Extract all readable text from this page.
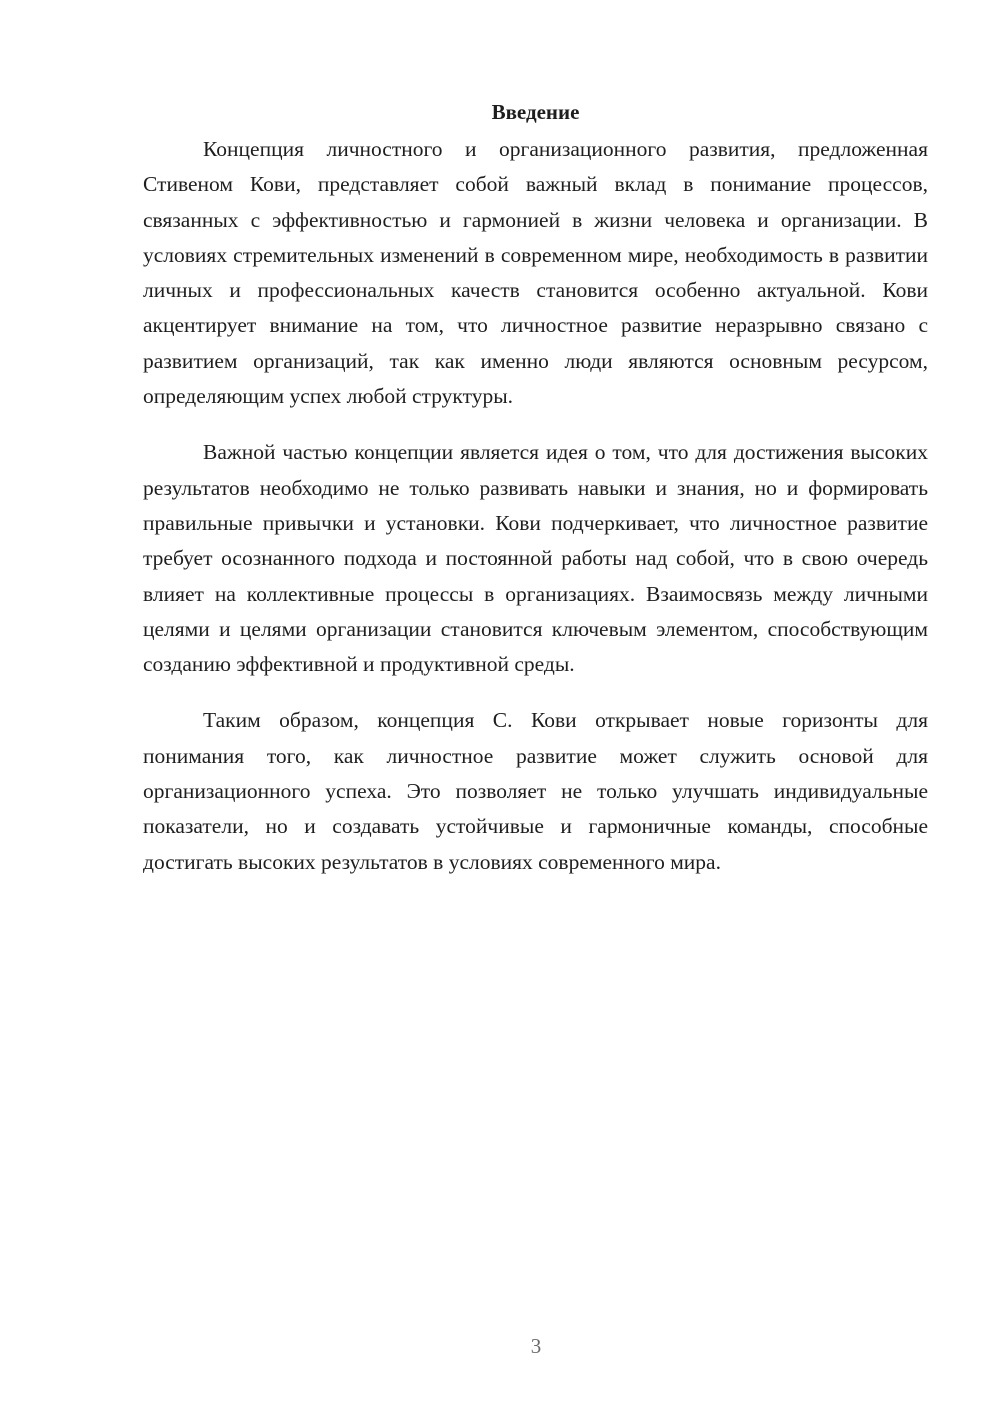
Введение

Концепция личностного и организационного развития, предложенная Стивеном Кови, представляет собой важный вклад в понимание процессов, связанных с эффективностью и гармонией в жизни человека и организации. В условиях стремительных изменений в современном мире, необходимость в развитии личных и профессиональных качеств становится особенно актуальной. Кови акцентирует внимание на том, что личностное развитие неразрывно связано с развитием организаций, так как именно люди являются основным ресурсом, определяющим успех любой структуры.

Важной частью концепции является идея о том, что для достижения высоких результатов необходимо не только развивать навыки и знания, но и формировать правильные привычки и установки. Кови подчеркивает, что личностное развитие требует осознанного подхода и постоянной работы над собой, что в свою очередь влияет на коллективные процессы в организациях. Взаимосвязь между личными целями и целями организации становится ключевым элементом, способствующим созданию эффективной и продуктивной среды.

Таким образом, концепция С. Кови открывает новые горизонты для понимания того, как личностное развитие может служить основой для организационного успеха. Это позволяет не только улучшать индивидуальные показатели, но и создавать устойчивые и гармоничные команды, способные достигать высоких результатов в условиях современного мира.

3
